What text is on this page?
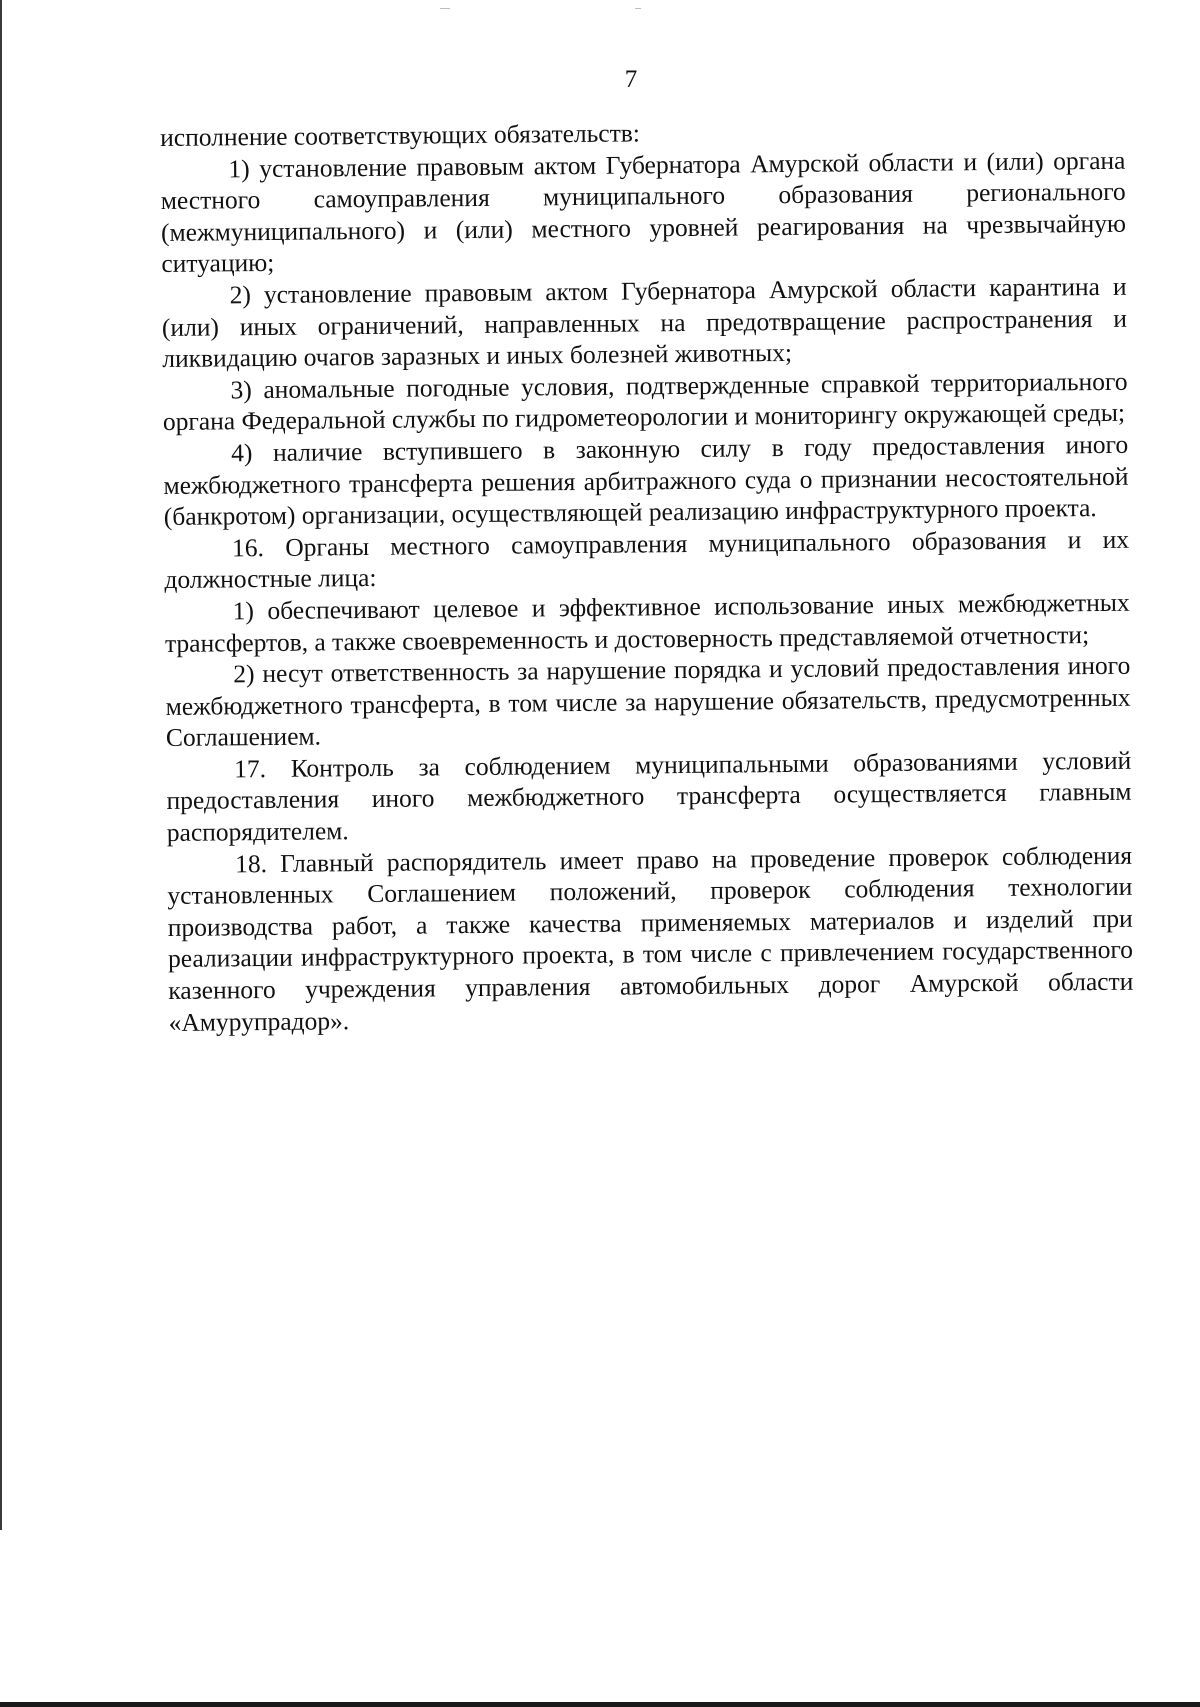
7

исполнение соответствующих обязательств:

1) установление правовым актом Губернатора Амурской области и (или) органа местного самоуправления муниципального образования регионального (межмуниципального) и (или) местного уровней реагирования на чрезвычайную ситуацию;

2) установление правовым актом Губернатора Амурской области карантина и (или) иных ограничений, направленных на предотвращение распространения и ликвидацию очагов заразных и иных болезней животных;

3) аномальные погодные условия, подтвержденные справкой территориального органа Федеральной службы по гидрометеорологии и мониторингу окружающей среды;

4) наличие вступившего в законную силу в году предоставления иного межбюджетного трансферта решения арбитражного суда о признании несостоятельной (банкротом) организации, осуществляющей реализацию инфраструктурного проекта.

16. Органы местного самоуправления муниципального образования и их должностные лица:

1) обеспечивают целевое и эффективное использование иных межбюджетных трансфертов, а также своевременность и достоверность представляемой отчетности;

2) несут ответственность за нарушение порядка и условий предоставления иного межбюджетного трансферта, в том числе за нарушение обязательств, предусмотренных Соглашением.

17. Контроль за соблюдением муниципальными образованиями условий предоставления иного межбюджетного трансферта осуществляется главным распорядителем.

18. Главный распорядитель имеет право на проведение проверок соблюдения установленных Соглашением положений, проверок соблюдения технологии производства работ, а также качества применяемых материалов и изделий при реализации инфраструктурного проекта, в том числе с привлечением государственного казенного учреждения управления автомобильных дорог Амурской области «Амурупрадор».
